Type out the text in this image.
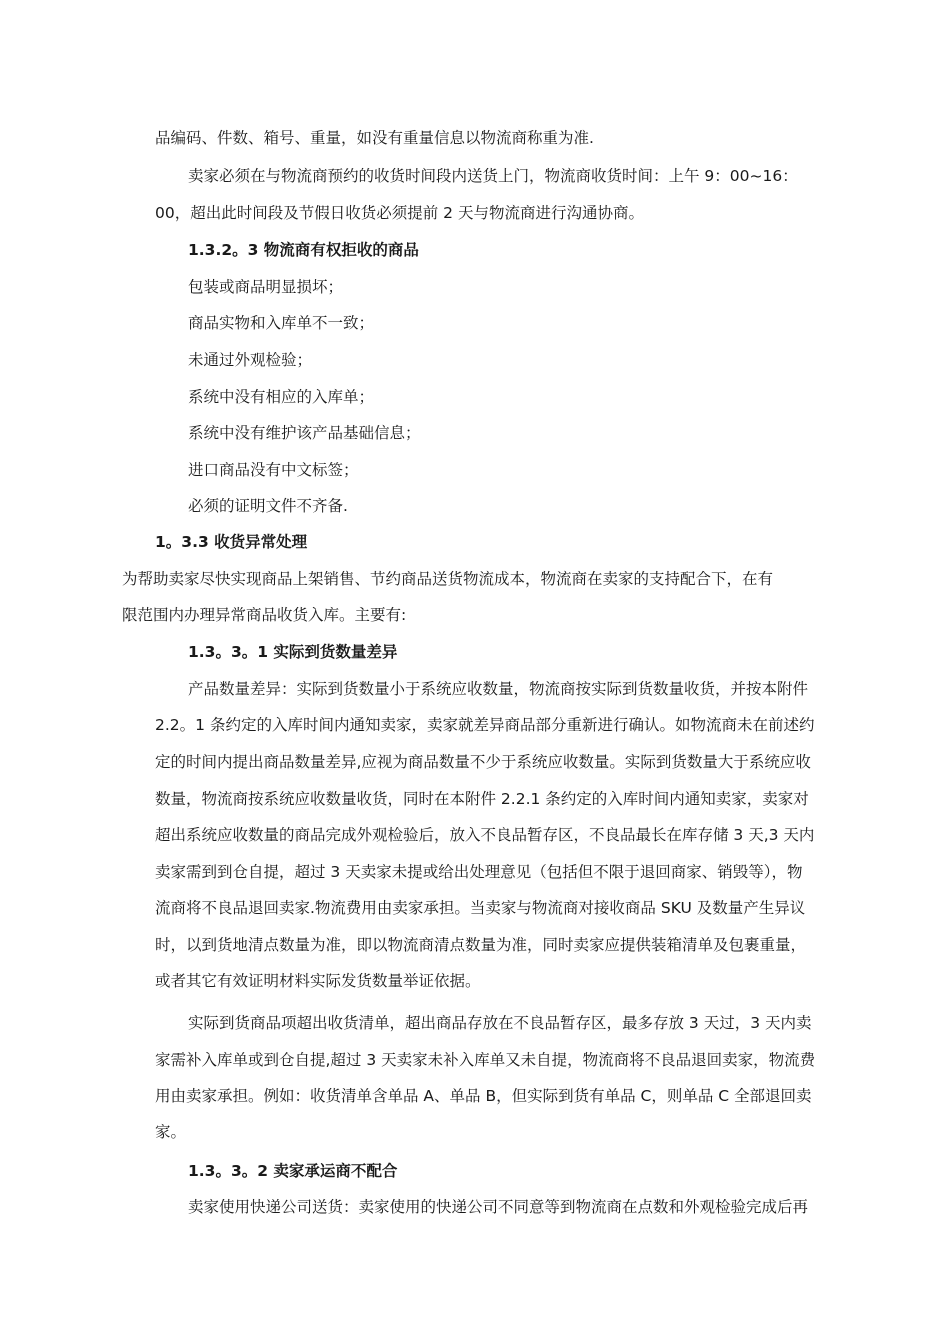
品编码、件数、箱号、重量，如没有重量信息以物流商称重为准.
卖家必须在与物流商预约的收货时间段内送货上门，物流商收货时间：上午 9：00~16：
00，超出此时间段及节假日收货必须提前 2 天与物流商进行沟通协商。
1.3.2。3 物流商有权拒收的商品
包装或商品明显损坏；
商品实物和入库单不一致；
未通过外观检验；
系统中没有相应的入库单；
系统中没有维护该产品基础信息；
进口商品没有中文标签；
必须的证明文件不齐备.
1。3.3 收货异常处理
为帮助卖家尽快实现商品上架销售、节约商品送货物流成本，物流商在卖家的支持配合下，在有
限范围内办理异常商品收货入库。主要有:
1.3。3。1 实际到货数量差异
产品数量差异：实际到货数量小于系统应收数量，物流商按实际到货数量收货，并按本附件
2.2。1 条约定的入库时间内通知卖家，卖家就差异商品部分重新进行确认。如物流商未在前述约
定的时间内提出商品数量差异,应视为商品数量不少于系统应收数量。实际到货数量大于系统应收
数量，物流商按系统应收数量收货，同时在本附件 2.2.1 条约定的入库时间内通知卖家，卖家对
超出系统应收数量的商品完成外观检验后，放入不良品暂存区，不良品最长在库存储 3 天,3 天内
卖家需到到仓自提，超过 3 天卖家未提或给出处理意见（包括但不限于退回商家、销毁等），物
流商将不良品退回卖家.物流费用由卖家承担。当卖家与物流商对接收商品 SKU 及数量产生异议
时，以到货地清点数量为准，即以物流商清点数量为准，同时卖家应提供装箱清单及包裹重量，
或者其它有效证明材料实际发货数量举证依据。
实际到货商品项超出收货清单，超出商品存放在不良品暂存区，最多存放 3 天过，3 天内卖
家需补入库单或到仓自提,超过 3 天卖家未补入库单又未自提，物流商将不良品退回卖家，物流费
用由卖家承担。例如：收货清单含单品 A、单品 B，但实际到货有单品 C，则单品 C 全部退回卖
家。
1.3。3。2 卖家承运商不配合
卖家使用快递公司送货：卖家使用的快递公司不同意等到物流商在点数和外观检验完成后再
